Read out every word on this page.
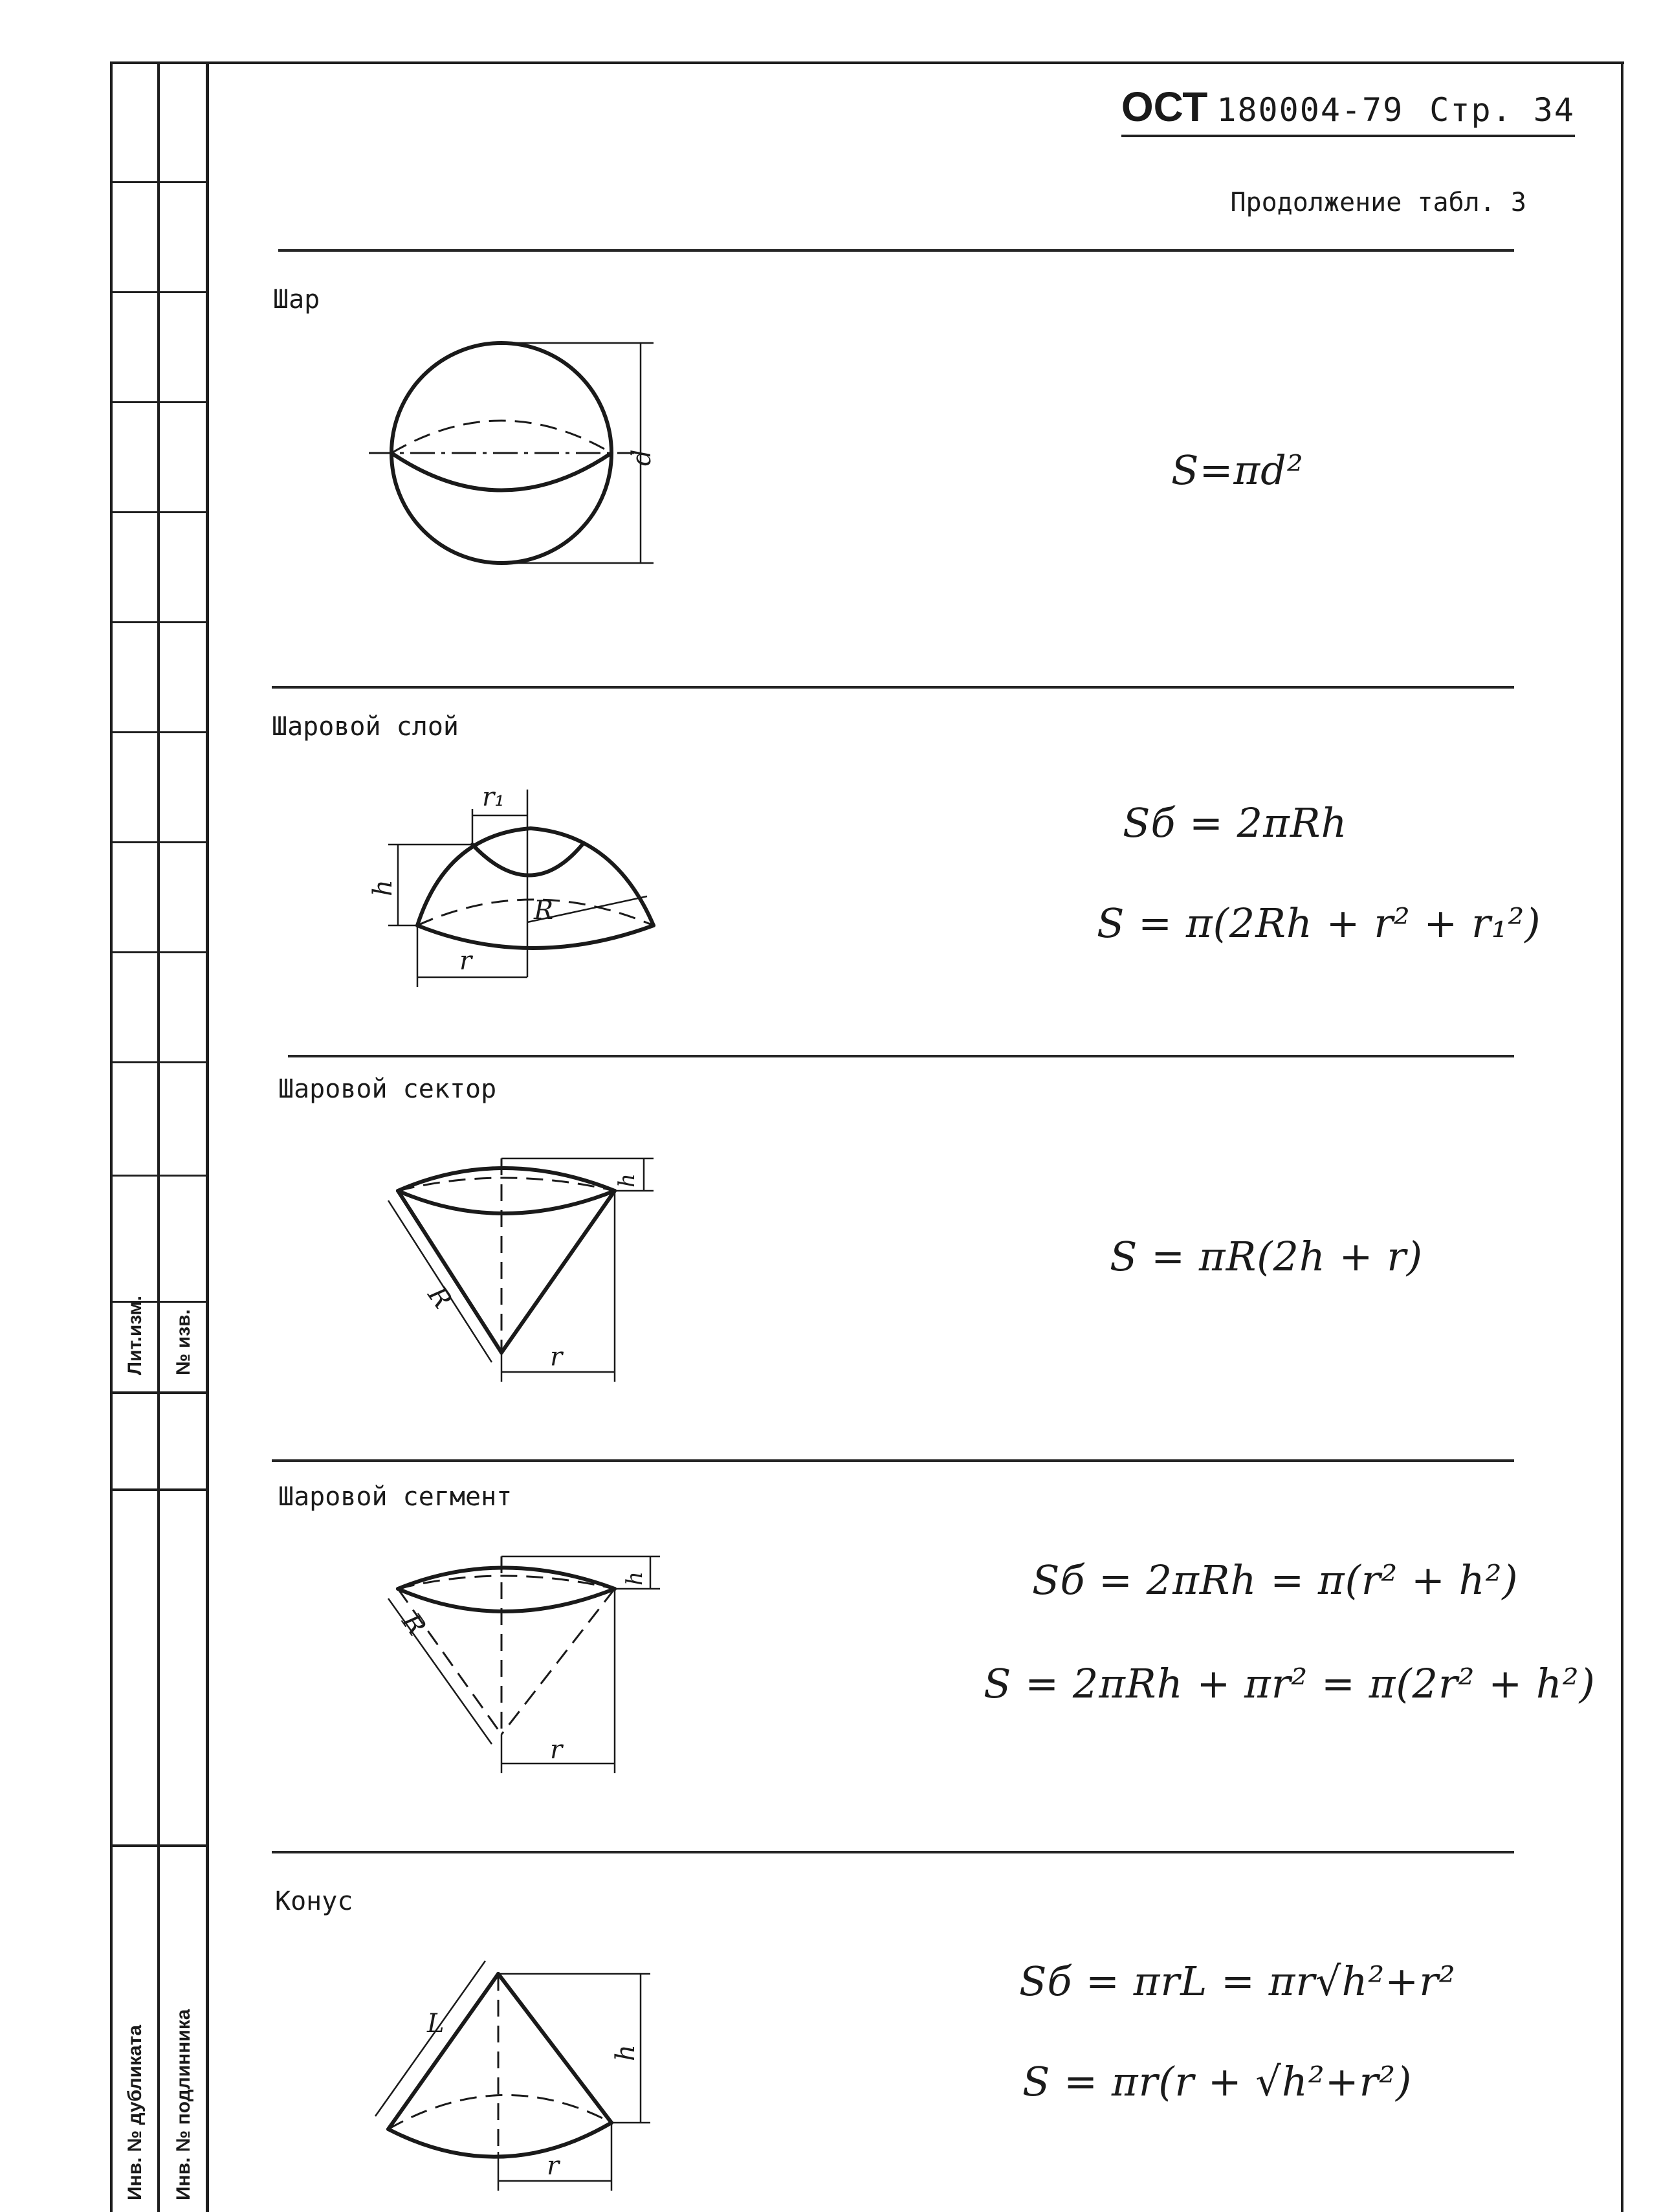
Лит.изм. № изв.
Инв. № дубликата Инв. № подлинника
ОСТ 180004-79 Стр. 34
Продолжение табл. 3
Шар
d	S=πd²
Шаровой слой
r₁
h
R
r
Sб = 2πRh
S = π(2Rh + r² + r₁²)
Шаровой сектор
h
R
r
S = πR(2h + r)
Шаровой сегмент
h
R
r
Sб = 2πRh = π(r² + h²)
S = 2πRh + πr² = π(2r² + h²)
Конус
L
h
r
Sб = πrL = πr√h²+r²
S = πr(r + √h²+r²)
